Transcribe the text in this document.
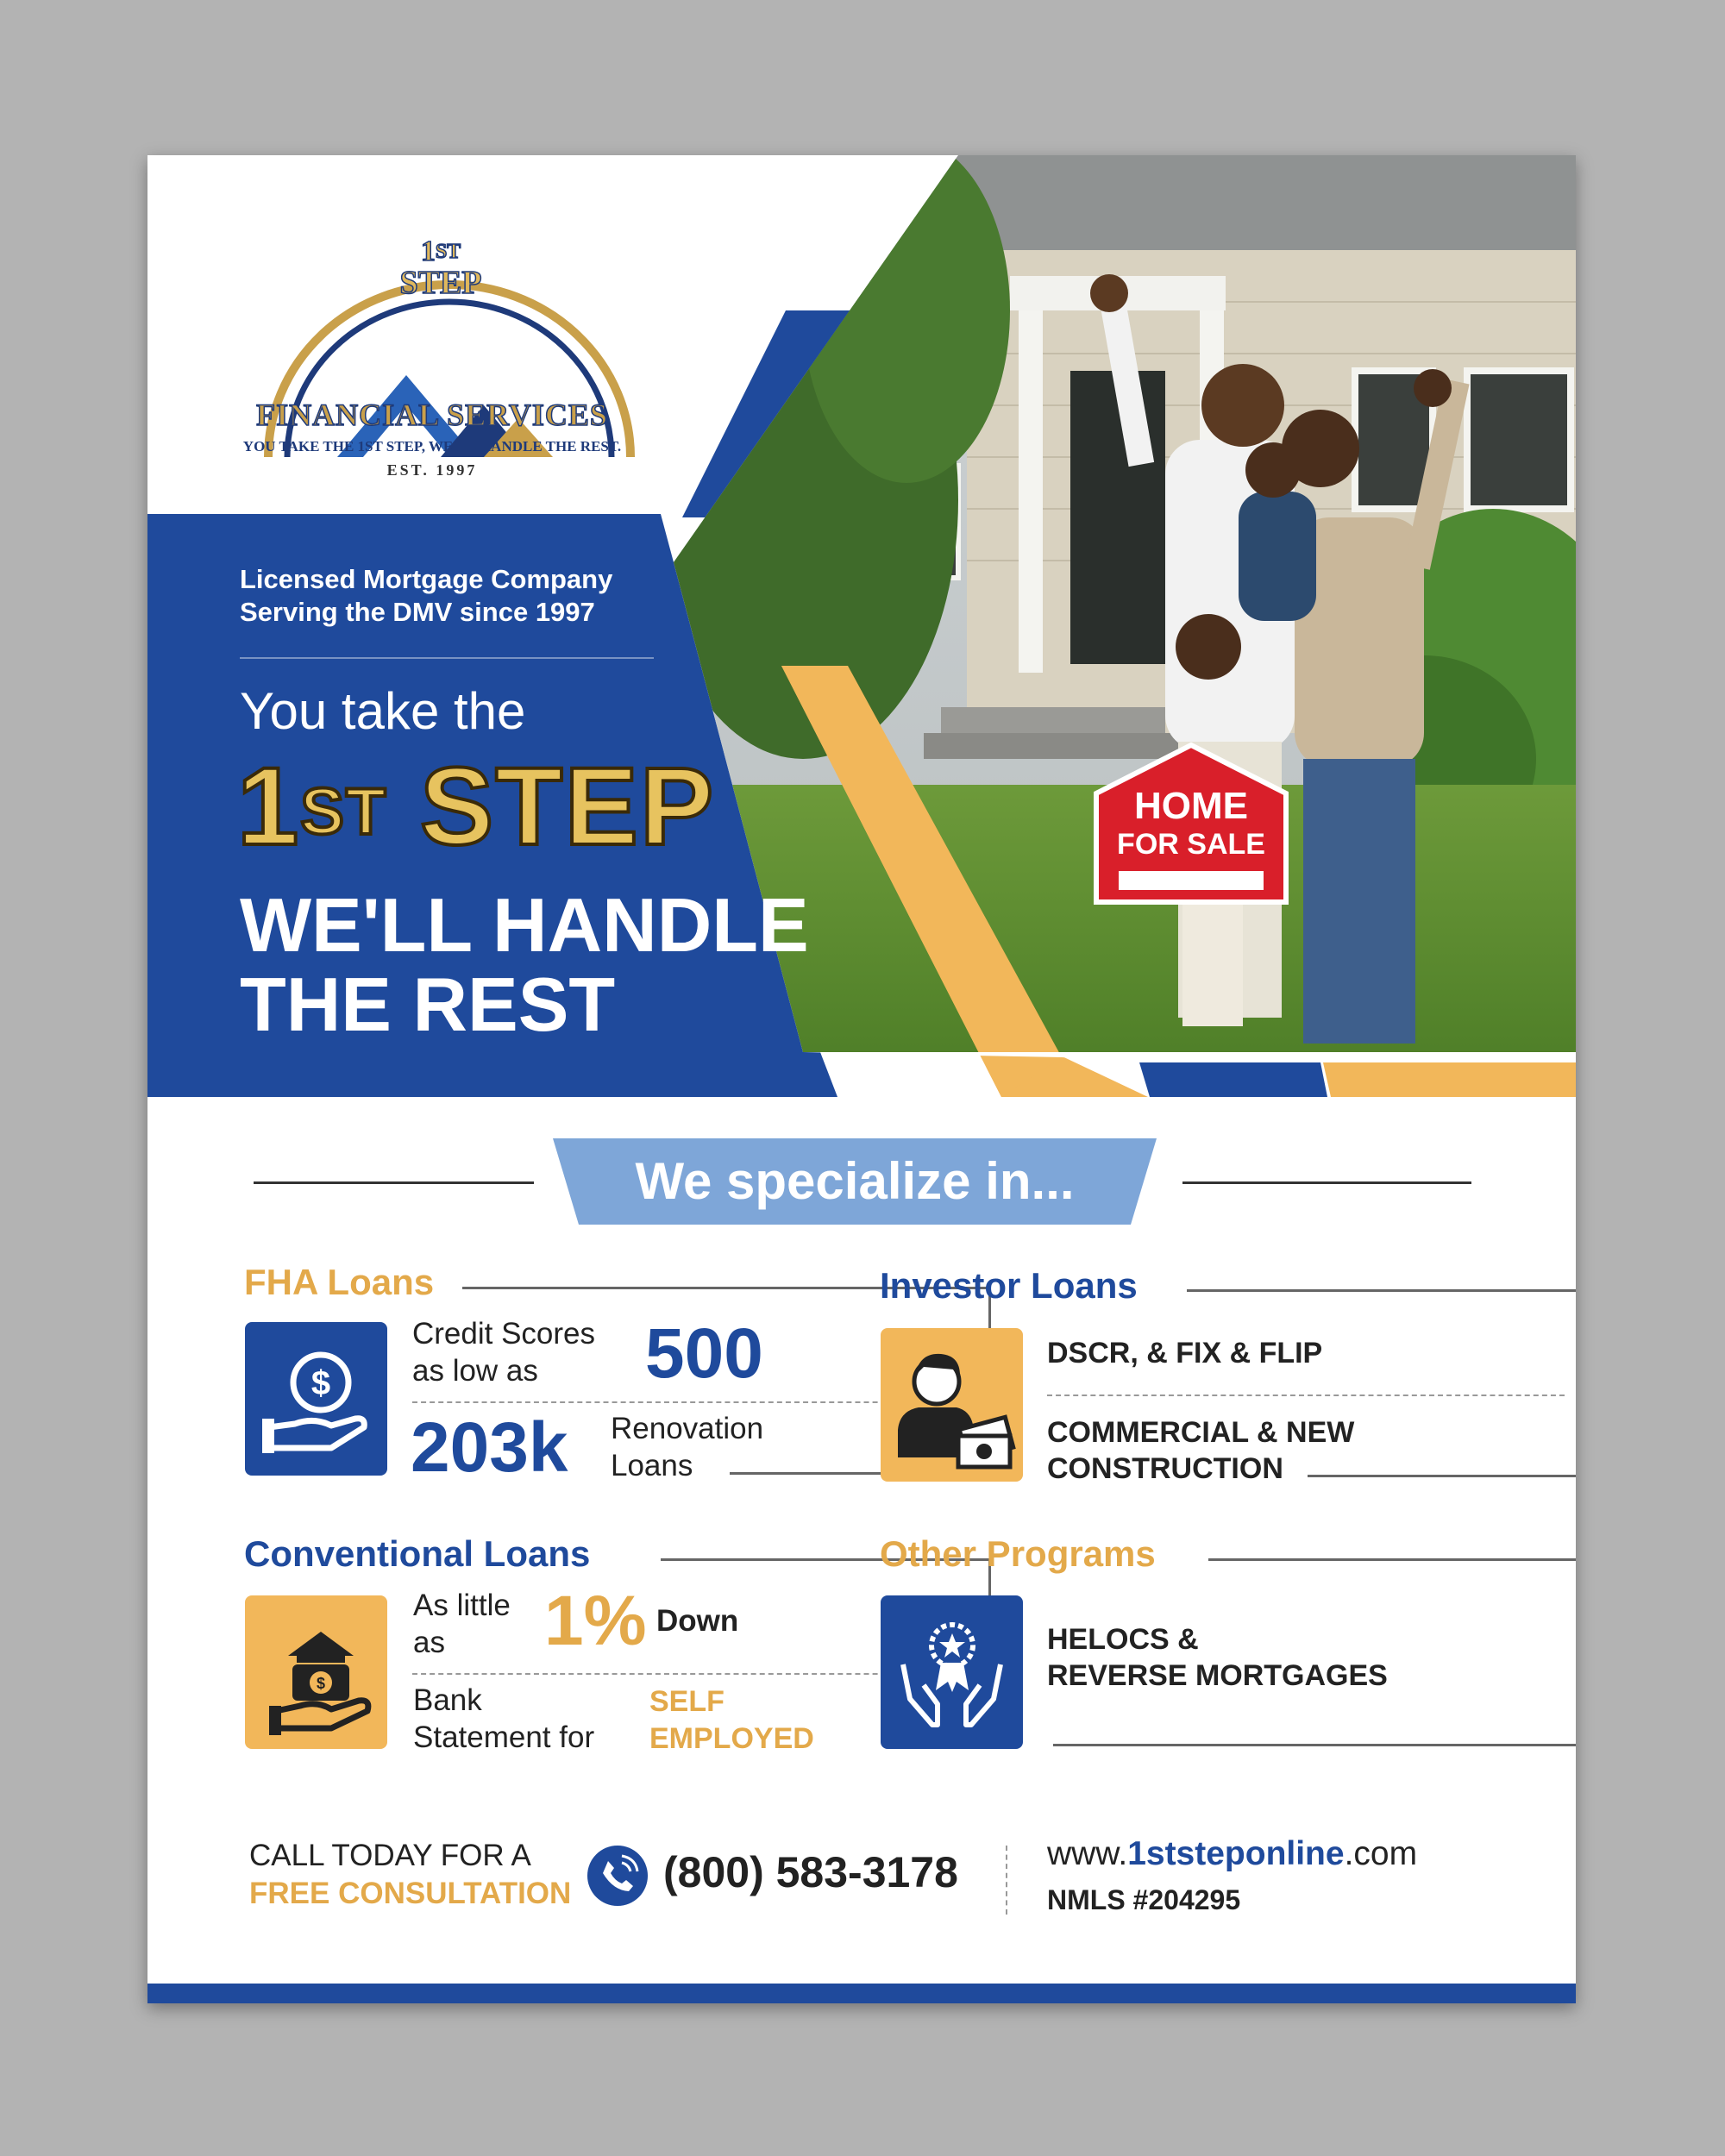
HOME
FOR SALE
1ST
STEP
FINANCIAL SERVICES
YOU TAKE THE 1ST STEP, WE'LL HANDLE THE REST.
EST. 1997
Licensed Mortgage Company
Serving the DMV since 1997
You take the
1ST STEP
WE'LL HANDLE
THE REST
We specialize in...
FHA Loans
$
Credit Scores
as low as	500
203k Renovation
Loans
Investor Loans
DSCR, & FIX & FLIP
COMMERCIAL & NEW
CONSTRUCTION
Conventional Loans
$
As little
as	1% Down
Bank
Statement for
SELF
EMPLOYED
Other Programs
HELOCS &
REVERSE MORTGAGES
CALL TODAY FOR A
FREE CONSULTATION (800) 583-3178	www.1ststeponline.com
NMLS #204295
